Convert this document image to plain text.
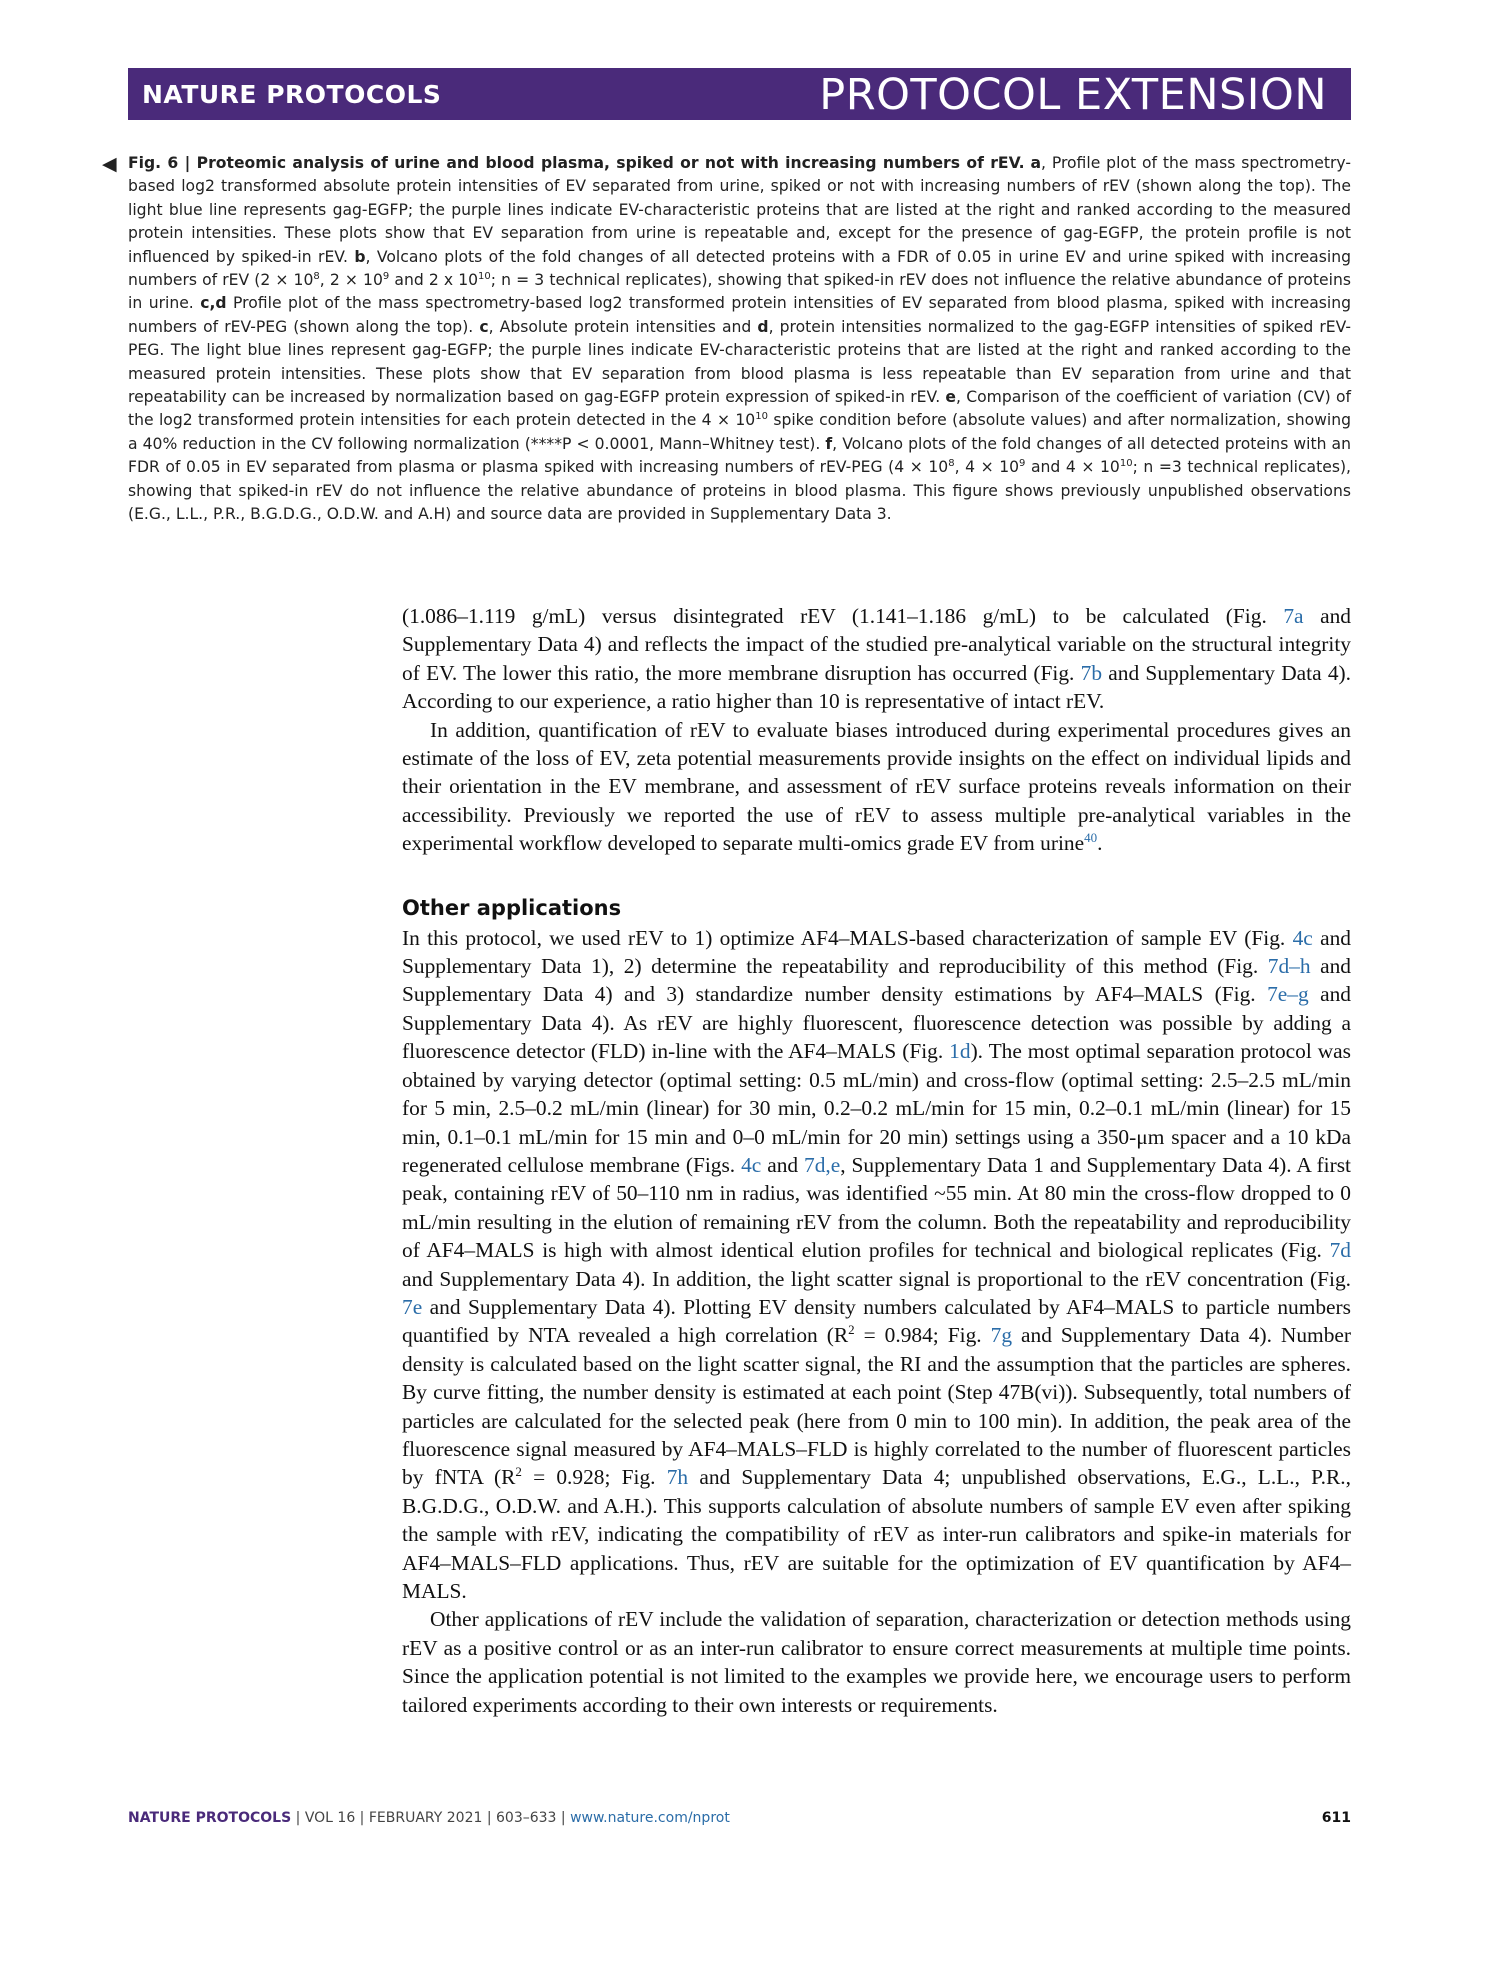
NATURE PROTOCOLS	PROTOCOL EXTENSION
◀ Fig. 6 | Proteomic analysis of urine and blood plasma, spiked or not with increasing numbers of rEV. a, Profile plot of the mass spectrometry-based log2 transformed absolute protein intensities of EV separated from urine, spiked or not with increasing numbers of rEV (shown along the top). The light blue line represents gag-EGFP; the purple lines indicate EV-characteristic proteins that are listed at the right and ranked according to the measured protein intensities. These plots show that EV separation from urine is repeatable and, except for the presence of gag-EGFP, the protein profile is not influenced by spiked-in rEV. b, Volcano plots of the fold changes of all detected proteins with a FDR of 0.05 in urine EV and urine spiked with increasing numbers of rEV ($2 \times 10^8$, $2 \times 10^9$ and 2 x $10^{10}$; n = 3 technical replicates), showing that spiked-in rEV does not influence the relative abundance of proteins in urine. c,d Profile plot of the mass spectrometry-based log2 transformed protein intensities of EV separated from blood plasma, spiked with increasing numbers of rEV-PEG (shown along the top). c, Absolute protein intensities and d, protein intensities normalized to the gag-EGFP intensities of spiked rEV-PEG. The light blue lines represent gag-EGFP; the purple lines indicate EV-characteristic proteins that are listed at the right and ranked according to the measured protein intensities. These plots show that EV separation from blood plasma is less repeatable than EV separation from urine and that repeatability can be increased by normalization based on gag-EGFP protein expression of spiked-in rEV. e, Comparison of the coefficient of variation (CV) of the log2 transformed protein intensities for each protein detected in the $4 \times 10^{10}$ spike condition before (absolute values) and after normalization, showing a 40% reduction in the CV following normalization (****P < 0.0001, Mann–Whitney test). f, Volcano plots of the fold changes of all detected proteins with an FDR of 0.05 in EV separated from plasma or plasma spiked with increasing numbers of rEV-PEG ($4 \times 10^8$, $4 \times 10^9$ and $4 \times 10^{10}$; n =3 technical replicates), showing that spiked-in rEV do not influence the relative abundance of proteins in blood plasma. This figure shows previously unpublished observations (E.G., L.L., P.R., B.G.D.G., O.D.W. and A.H) and source data are provided in Supplementary Data 3.

(1.086–1.119 g/mL) versus disintegrated rEV (1.141–1.186 g/mL) to be calculated (Fig. 7a and Supplementary Data 4) and reflects the impact of the studied pre-analytical variable on the structural integrity of EV. The lower this ratio, the more membrane disruption has occurred (Fig. 7b and Supplementary Data 4). According to our experience, a ratio higher than 10 is representative of intact rEV.

In addition, quantification of rEV to evaluate biases introduced during experimental procedures gives an estimate of the loss of EV, zeta potential measurements provide insights on the effect on individual lipids and their orientation in the EV membrane, and assessment of rEV surface proteins reveals information on their accessibility. Previously we reported the use of rEV to assess multiple pre-analytical variables in the experimental workflow developed to separate multi-omics grade EV from urine$^{40}$.

Other applications

In this protocol, we used rEV to 1) optimize AF4–MALS-based characterization of sample EV (Fig. 4c and Supplementary Data 1), 2) determine the repeatability and reproducibility of this method (Fig. 7d–h and Supplementary Data 4) and 3) standardize number density estimations by AF4–MALS (Fig. 7e–g and Supplementary Data 4). As rEV are highly fluorescent, fluorescence detection was possible by adding a fluorescence detector (FLD) in-line with the AF4–MALS (Fig. 1d). The most optimal separation protocol was obtained by varying detector (optimal setting: 0.5 mL/min) and cross-flow (optimal setting: 2.5–2.5 mL/min for 5 min, 2.5–0.2 mL/min (linear) for 30 min, 0.2–0.2 mL/min for 15 min, 0.2–0.1 mL/min (linear) for 15 min, 0.1–0.1 mL/min for 15 min and 0–0 mL/min for 20 min) settings using a 350-μm spacer and a 10 kDa regenerated cellulose membrane (Figs. 4c and 7d,e, Supplementary Data 1 and Supplementary Data 4). A first peak, containing rEV of 50–110 nm in radius, was identified ~55 min. At 80 min the cross-flow dropped to 0 mL/min resulting in the elution of remaining rEV from the column. Both the repeatability and reproducibility of AF4–MALS is high with almost identical elution profiles for technical and biological replicates (Fig. 7d and Supplementary Data 4). In addition, the light scatter signal is proportional to the rEV concentration (Fig. 7e and Supplementary Data 4). Plotting EV density numbers calculated by AF4–MALS to particle numbers quantified by NTA revealed a high correlation ($R^2 = 0.984$; Fig. 7g and Supplementary Data 4). Number density is calculated based on the light scatter signal, the RI and the assumption that the particles are spheres. By curve fitting, the number density is estimated at each point (Step 47B(vi)). Subsequently, total numbers of particles are calculated for the selected peak (here from 0 min to 100 min). In addition, the peak area of the fluorescence signal measured by AF4–MALS–FLD is highly correlated to the number of fluorescent particles by fNTA ($R^2 = 0.928$; Fig. 7h and Supplementary Data 4; unpublished observations, E.G., L.L., P.R., B.G.D.G., O.D.W. and A.H.). This supports calculation of absolute numbers of sample EV even after spiking the sample with rEV, indicating the compatibility of rEV as inter-run calibrators and spike-in materials for AF4–MALS–FLD applications. Thus, rEV are suitable for the optimization of EV quantification by AF4–MALS.

Other applications of rEV include the validation of separation, characterization or detection methods using rEV as a positive control or as an inter-run calibrator to ensure correct measurements at multiple time points. Since the application potential is not limited to the examples we provide here, we encourage users to perform tailored experiments according to their own interests or requirements.

NATURE PROTOCOLS | VOL 16 | FEBRUARY 2021 | 603–633 | www.nature.com/nprot	611
